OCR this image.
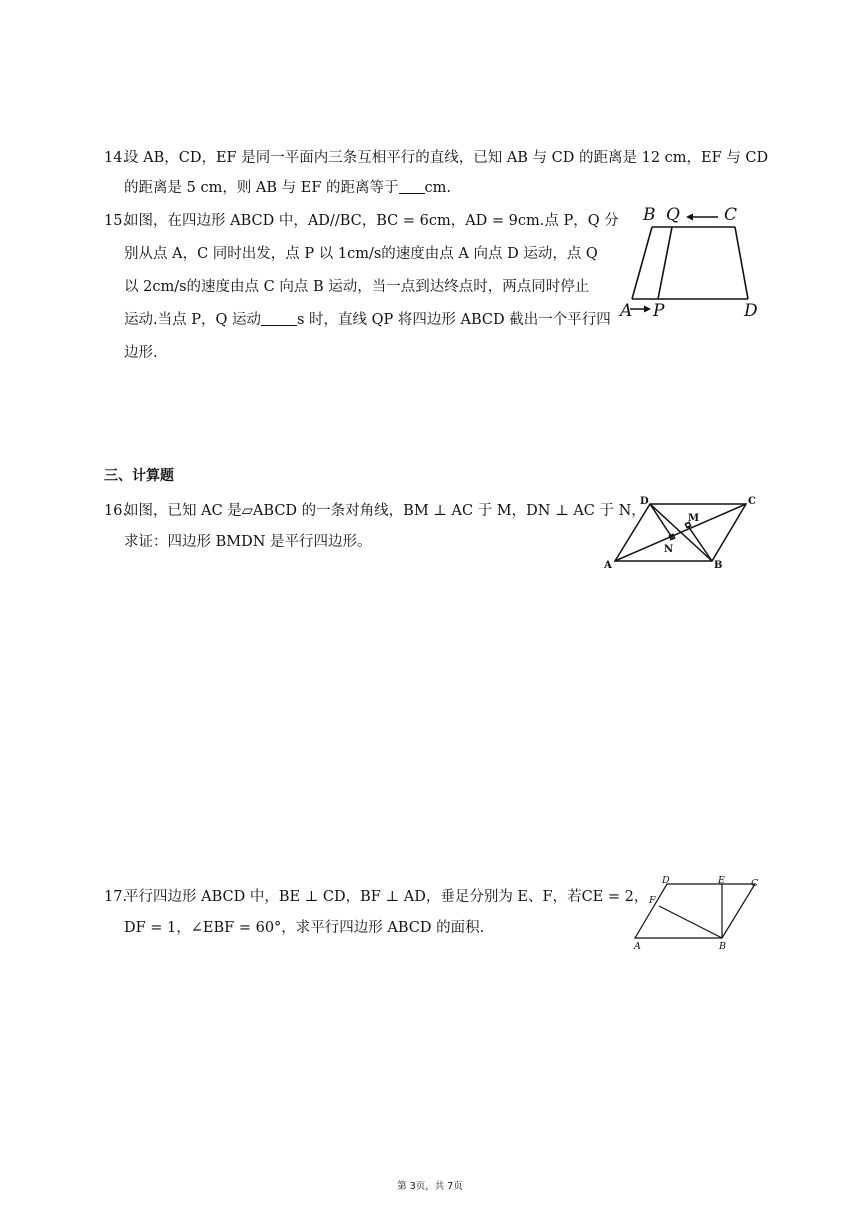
14.
设 AB，CD，EF 是同一平面内三条互相平行的直线，已知 AB 与 CD 的距离是 12 cm，EF 与 CD
的距离是 5 cm，则 AB 与 EF 的距离等于 cm.
15.
如图，在四边形 ABCD 中，AD//BC，BC = 6cm，AD = 9cm.点 P，Q 分
别从点 A，C 同时出发，点 P 以 1cm/s的速度由点 A 向点 D 运动，点 Q
以 2cm/s的速度由点 C 向点 B 运动，当一点到达终点时，两点同时停止
运动.当点 P，Q 运动 s 时，直线 QP 将四边形 ABCD 截出一个平行四
边形.
B Q	C
A P	D
三、计算题
16.
如图，已知 AC 是▱ABCD 的一条对角线，BM ⊥ AC 于 M，DN ⊥ AC 于 N，
求证：四边形 BMDN 是平行四边形。
D	C
M
N
A	B
17.
平行四边形 ABCD 中，BE ⊥ CD，BF ⊥ AD，垂足分别为 E、F，若CE = 2，
DF = 1，∠EBF = 60°，求平行四边形 ABCD 的面积.
D	E	C
F
A	B
第 3页，共 7页
